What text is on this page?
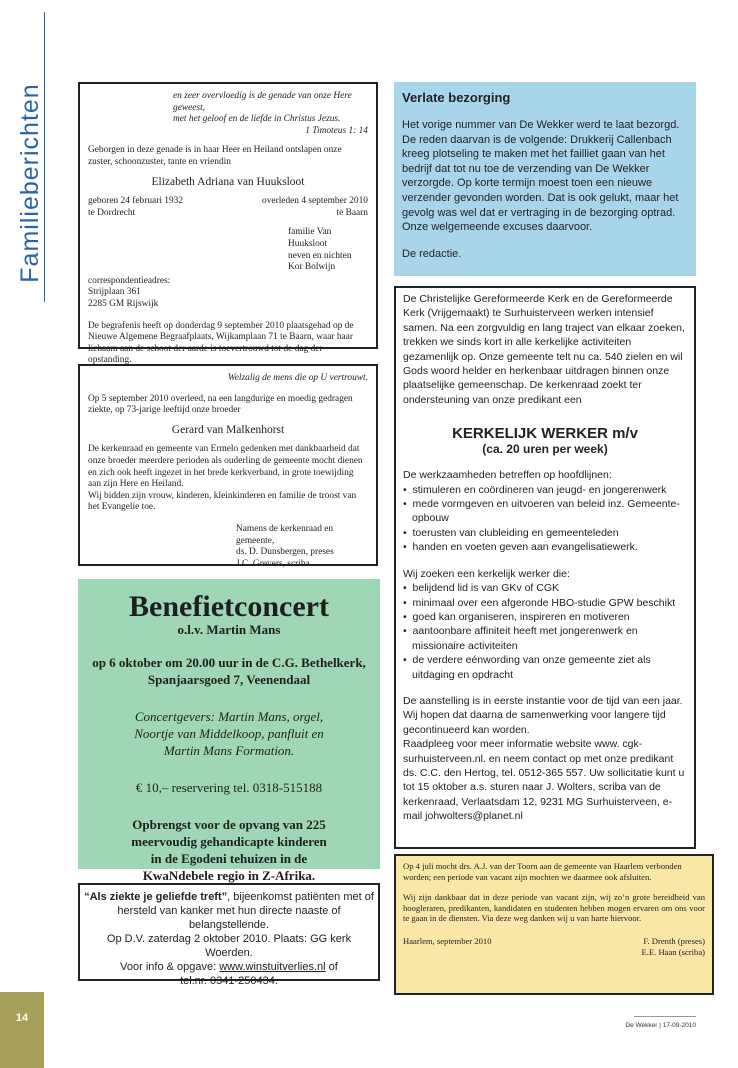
Familieberichten	en zeer overvloedig is de genade van onze Here geweest,

met het geloof en de liefde in Christus Jezus.

1 Timoteus 1: 14

Geborgen in deze genade is in haar Heer en Heiland ontslapen onze zuster, schoonzuster, tante en vriendin

Elizabeth Adriana van Huuksloot

geboren 24 februari 1932

te Dordrecht

overleden 4 september 2010

te Baarn

familie Van Huuksloot

neven en nichten

Kor Bolwijn

correspondentieadres:

Strijplaan 361

2285 GM Rijswijk

De begrafenis heeft op donderdag 9 september 2010 plaatsgehad op de Nieuwe Algemene Begraafplaats, Wijkamplaan 71 te Baarn, waar haar lichaam aan de schoot der aarde is toevertrouwd tot de dag der opstanding.

Welzalig de mens die op U vertrouwt.

Op 5 september 2010 overleed, na een langdurige en moedig gedragen ziekte, op 73-jarige leeftijd onze broeder

Gerard van Malkenhorst

De kerkenraad en gemeente van Ermelo gedenken met dankbaarheid dat onze broeder meerdere perioden als ouderling de gemeente mocht dienen en zich ook heeft ingezet in het brede kerkverband, in grote toewijding aan zijn Here en Heiland.

Wij bidden zijn vrouw, kinderen, kleinkinderen en familie de troost van het Evangelie toe.

Namens de kerkenraad en gemeente,

ds. D. Dunsbergen, preses

J.C. Grevers, scriba

Benefietconcert

o.l.v. Martin Mans

op 6 oktober om 20.00 uur in de C.G. Bethelkerk,

Spanjaarsgoed 7, Veenendaal

Concertgevers: Martin Mans, orgel,

Noortje van Middelkoop, panfluit en

Martin Mans Formation.

€ 10,– reservering tel. 0318-515188

Opbrengst voor de opvang van 225

meervoudig gehandicapte kinderen

in de Egodeni tehuizen in de

KwaNdebele regio in Z-Afrika.

“Als ziekte je geliefde treft”, bijeenkomst patiënten met of hersteld van kanker met hun directe naaste of belangstellende.

Op D.V. zaterdag 2 oktober 2010. Plaats: GG kerk Woerden.

Voor info & opgave: www.winstuitverlies.nl of

tel.nr. 0341-250434.

Verlate bezorging

Het vorige nummer van De Wekker werd te laat bezorgd. De reden daarvan is de volgende: Drukkerij Callenbach kreeg plotseling te maken met het failliet gaan van het bedrijf dat tot nu toe de verzending van De Wekker verzorgde. Op korte termijn moest toen een nieuwe verzender gevonden worden. Dat is ook gelukt, maar het gevolg was wel dat er vertraging in de bezorging optrad. Onze welgemeende excuses daarvoor.

De redactie.

De Christelijke Gereformeerde Kerk en de Gereformeerde Kerk (Vrijgemaakt) te Surhuisterveen werken intensief samen. Na een zorgvuldig en lang traject van elkaar zoeken, trekken we sinds kort in alle kerkelijke activiteiten gezamenlijk op. Onze gemeente telt nu ca. 540 zielen en wil Gods woord helder en herkenbaar uitdragen binnen onze plaatselijke gemeenschap. De kerkenraad zoekt ter ondersteuning van onze predikant een

KERKELIJK WERKER m/v

(ca. 20 uren per week)

De werkzaamheden betreffen op hoofdlijnen:

•  stimuleren en coördineren van jeugd- en jongerenwerk
•  mede vormgeven en uitvoeren van beleid inz. Gemeente-opbouw
•  toerusten van clubleiding en gemeenteleden
•  handen en voeten geven aan evangelisatiewerk.

Wij zoeken een kerkelijk werker die:

•  belijdend lid is van GKv of CGK
•  minimaal over een afgeronde HBO-studie GPW beschikt
•  goed kan organiseren, inspireren en motiveren
•  aantoonbare affiniteit heeft met jongerenwerk en missionaire activiteiten
•  de verdere eénwording van onze gemeente ziet als uitdaging en opdracht

De aanstelling is in eerste instantie voor de tijd van een jaar. Wij hopen dat daarna de samenwerking voor langere tijd gecontinueerd kan worden.

Raadpleeg voor meer informatie website www. cgk-surhuisterveen.nl. en neem contact op met onze predikant ds. C.C. den Hertog, tel. 0512-365 557. Uw sollicitatie kunt u tot 15 oktober a.s. sturen naar J. Wolters, scriba van de kerkenraad, Verlaatsdam 12, 9231 MG Surhuisterveen, e-mail johwolters@planet.nl

Op 4 juli mocht drs. A.J. van der Toorn aan de gemeente van Haarlem verbonden worden; een periode van vacant zijn mochten we daarmee ook afsluiten.

Wij zijn dankbaar dat in deze periode van vacant zijn, wij zo’n grote bereidheid van hoogleraren, predikanten, kandidaten en studenten hebben mogen ervaren om ons voor te gaan in de diensten. Via deze weg danken wij u van harte hiervoor.

Haarlem, september 2010	F. Drenth (preses)

E.E. Haan (scriba)

14
De Wekker | 17-09-2010
